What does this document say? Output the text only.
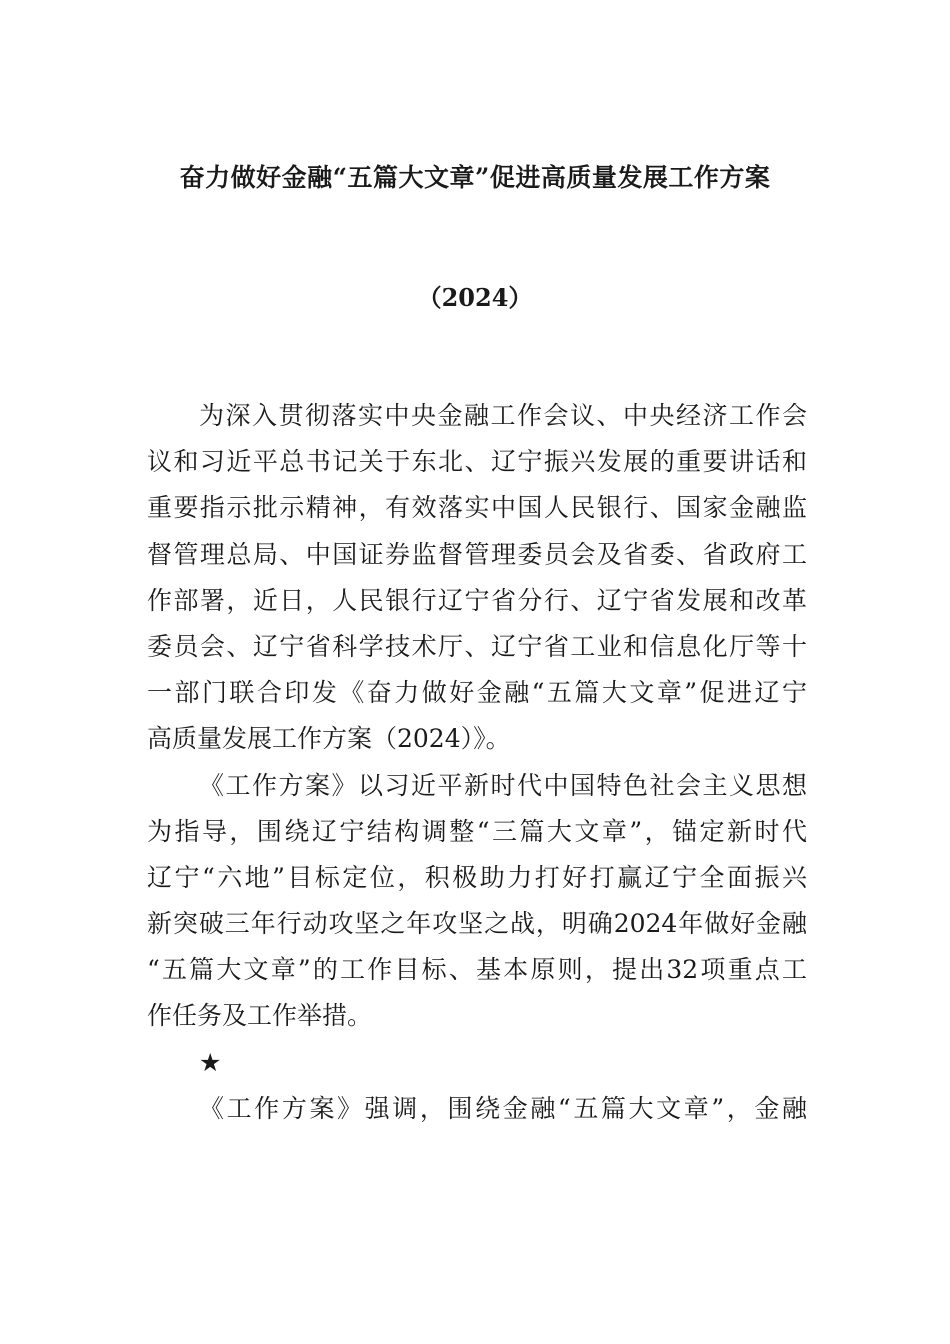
奋力做好金融“五篇大文章”促进高质量发展工作方案
（2024）
为深入贯彻落实中央金融工作会议、中央经济工作会
议和习近平总书记关于东北、辽宁振兴发展的重要讲话和
重要指示批示精神，有效落实中国人民银行、国家金融监
督管理总局、中国证券监督管理委员会及省委、省政府工
作部署，近日，人民银行辽宁省分行、辽宁省发展和改革
委员会、辽宁省科学技术厅、辽宁省工业和信息化厅等十
一部门联合印发《奋力做好金融“五篇大文章”促进辽宁
高质量发展工作方案（2024）》。
《工作方案》以习近平新时代中国特色社会主义思想
为指导，围绕辽宁结构调整“三篇大文章”，锚定新时代
辽宁“六地”目标定位，积极助力打好打赢辽宁全面振兴
新突破三年行动攻坚之年攻坚之战，明确2024年做好金融
“五篇大文章”的工作目标、基本原则，提出32项重点工
作任务及工作举措。
★
《工作方案》强调，围绕金融“五篇大文章”，金融
